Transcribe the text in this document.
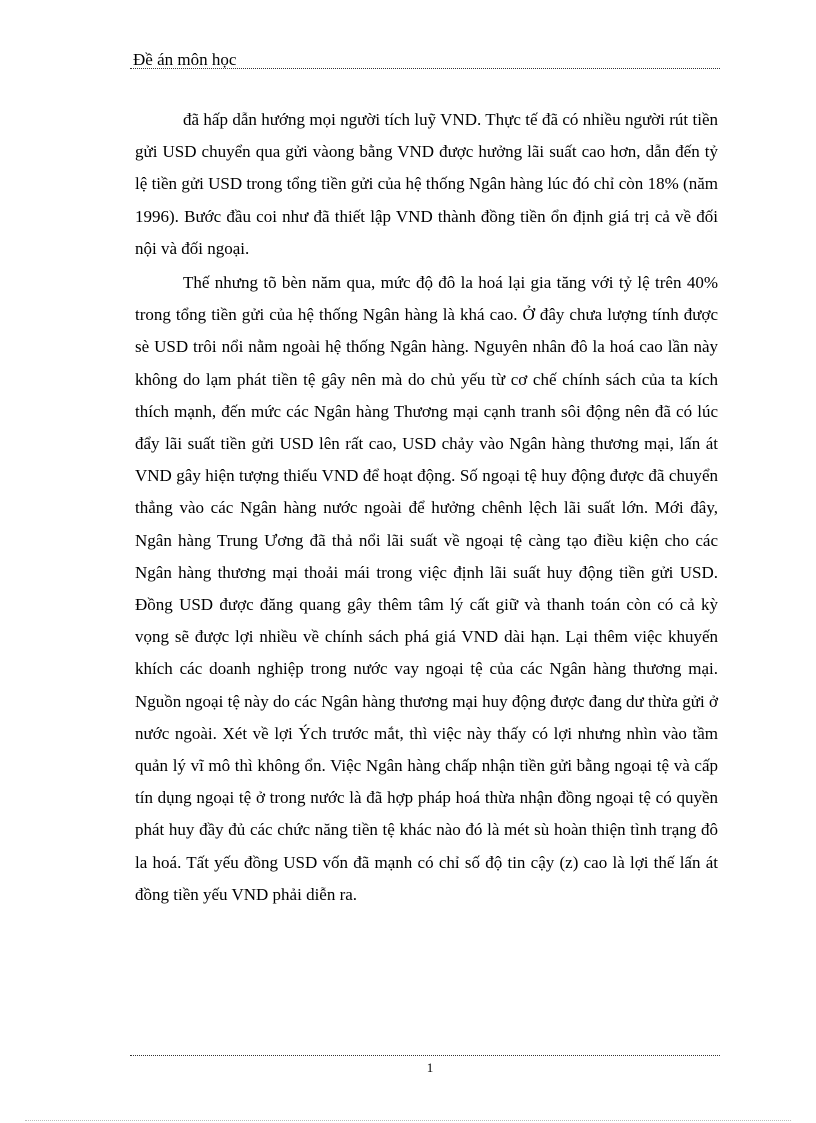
Đề án môn học

đã hấp dẫn hướng mọi người tích luỹ VND. Thực tế đã có nhiều người rút tiền gửi USD chuyển qua gửi vàong bằng VND được hưởng lãi suất cao hơn, dẫn đến tỷ lệ tiền gửi USD trong tổng tiền gửi của hệ thống Ngân hàng lúc đó chỉ còn 18% (năm 1996). Bước đầu coi như đã thiết lập VND thành đồng tiền ổn định giá trị cả về đối nội và đối ngoại.

Thế nhưng tõ bèn năm qua, mức độ đô la hoá lại gia tăng với tỷ lệ trên 40% trong tổng tiền gửi của hệ thống Ngân hàng là khá cao. Ở đây chưa lượng tính được sè USD trôi nổi nằm ngoài hệ thống Ngân hàng. Nguyên nhân đô la hoá cao lần này không do lạm phát tiền tệ gây nên mà do chủ yếu từ cơ chế chính sách của ta kích thích mạnh, đến mức các Ngân hàng Thương mại cạnh tranh sôi động nên đã có lúc đẩy lãi suất tiền gửi USD lên rất cao, USD chảy vào Ngân hàng thương mại, lấn át VND gây hiện tượng thiếu VND để hoạt động. Số ngoại tệ huy động được đã chuyển thẳng vào các Ngân hàng nước ngoài để hưởng chênh lệch lãi suất lớn. Mới đây, Ngân hàng Trung Ương đã thả nổi lãi suất về ngoại tệ càng tạo điều kiện cho các Ngân hàng thương mại thoải mái trong việc định lãi suất huy động tiền gửi USD. Đồng USD được đăng quang gây thêm tâm lý cất giữ và thanh toán còn có cả kỳ vọng sẽ được lợi nhiều về chính sách phá giá VND dài hạn. Lại thêm việc khuyến khích các doanh nghiệp trong nước vay ngoại tệ của các Ngân hàng thương mại. Nguồn ngoại tệ này do các Ngân hàng thương mại huy động được đang dư thừa gửi ở nước ngoài. Xét về lợi Ých trước mắt, thì việc này thấy có lợi nhưng nhìn vào tầm quản lý vĩ mô thì không ổn. Việc Ngân hàng chấp nhận tiền gửi bằng ngoại tệ và cấp tín dụng ngoại tệ ở trong nước là đã hợp pháp hoá thừa nhận đồng ngoại tệ có quyền phát huy đầy đủ các chức năng tiền tệ khác nào đó là mét sù hoàn thiện tình trạng đô la hoá. Tất yếu đồng USD vốn đã mạnh có chỉ số độ tin cậy (z) cao là lợi thế lấn át đồng tiền yếu VND phải diễn ra.

1
